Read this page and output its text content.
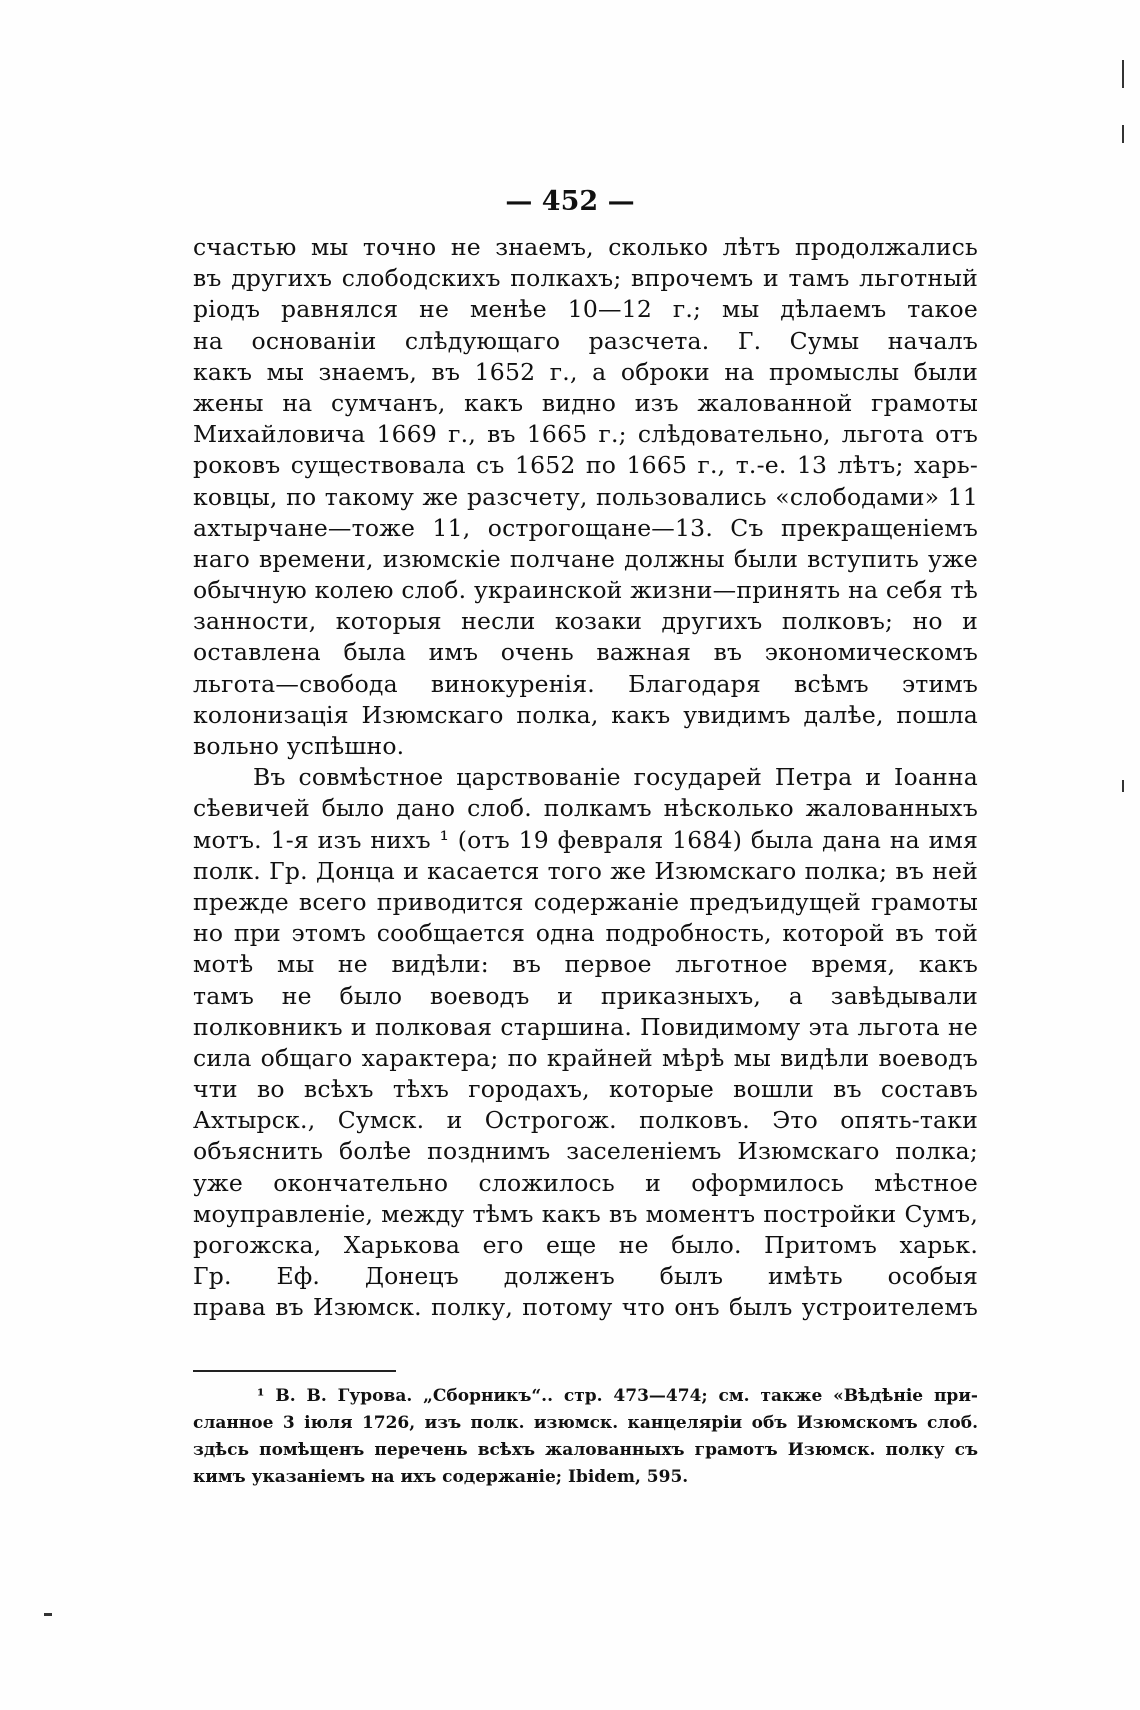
— 452 —
счастью мы точно не знаемъ, сколько лѣтъ продолжались
въ другихъ слободскихъ полкахъ; впрочемъ и тамъ льготный
ріодъ равнялся не менѣе 10—12 г.; мы дѣлаемъ такое
на основаніи слѣдующаго разсчета. Г. Сумы началъ
какъ мы знаемъ, въ 1652 г., а оброки на промыслы были
жены на сумчанъ, какъ видно изъ жалованной грамоты
Михайловича 1669 г., въ 1665 г.; слѣдовательно, льгота отъ
роковъ существовала съ 1652 по 1665 г., т.-е. 13 лѣтъ; харь-
ковцы, по такому же разсчету, пользовались «слободами» 11
ахтырчане—тоже 11, острогощане—13. Съ прекращеніемъ
наго времени, изюмскіе полчане должны были вступить уже
обычную колею слоб. украинской жизни—принять на себя тѣ
занности, которыя несли козаки другихъ полковъ; но и
оставлена была имъ очень важная въ экономическомъ
льгота—свобода винокуренія. Благодаря всѣмъ этимъ
колонизація Изюмскаго полка, какъ увидимъ далѣе, пошла
вольно успѣшно.
Въ совмѣстное царствованіе государей Петра и Іоанна
сѣевичей было дано слоб. полкамъ нѣсколько жалованныхъ
мотъ. 1-я изъ нихъ ¹ (отъ 19 февраля 1684) была дана на имя
полк. Гр. Донца и касается того же Изюмскаго полка; въ ней
прежде всего приводится содержаніе предъидущей грамоты
но при этомъ сообщается одна подробность, которой въ той
мотѣ мы не видѣли: въ первое льготное время, какъ
тамъ не было воеводъ и приказныхъ, а завѣдывали
полковникъ и полковая старшина. Повидимому эта льгота не
сила общаго характера; по крайней мѣрѣ мы видѣли воеводъ
чти во всѣхъ тѣхъ городахъ, которые вошли въ составъ
Ахтырск., Сумск. и Острогож. полковъ. Это опять-таки
объяснить болѣе позднимъ заселеніемъ Изюмскаго полка;
уже окончательно сложилось и оформилось мѣстное
моуправленіе, между тѣмъ какъ въ моментъ постройки Сумъ,
рогожска, Харькова его еще не было. Притомъ харьк.
Гр. Еф. Донецъ долженъ былъ имѣть особыя
права въ Изюмск. полку, потому что онъ былъ устроителемъ
¹ В. В. Гурова. „Сборникъ“.. стр. 473—474; см. также «Вѣдѣніе при-
сланное 3 іюля 1726, изъ полк. изюмск. канцеляріи объ Изюмскомъ слоб.
здѣсь помѣщенъ перечень всѣхъ жалованныхъ грамотъ Изюмск. полку съ
кимъ указаніемъ на ихъ содержаніе; Ibidem, 595.
